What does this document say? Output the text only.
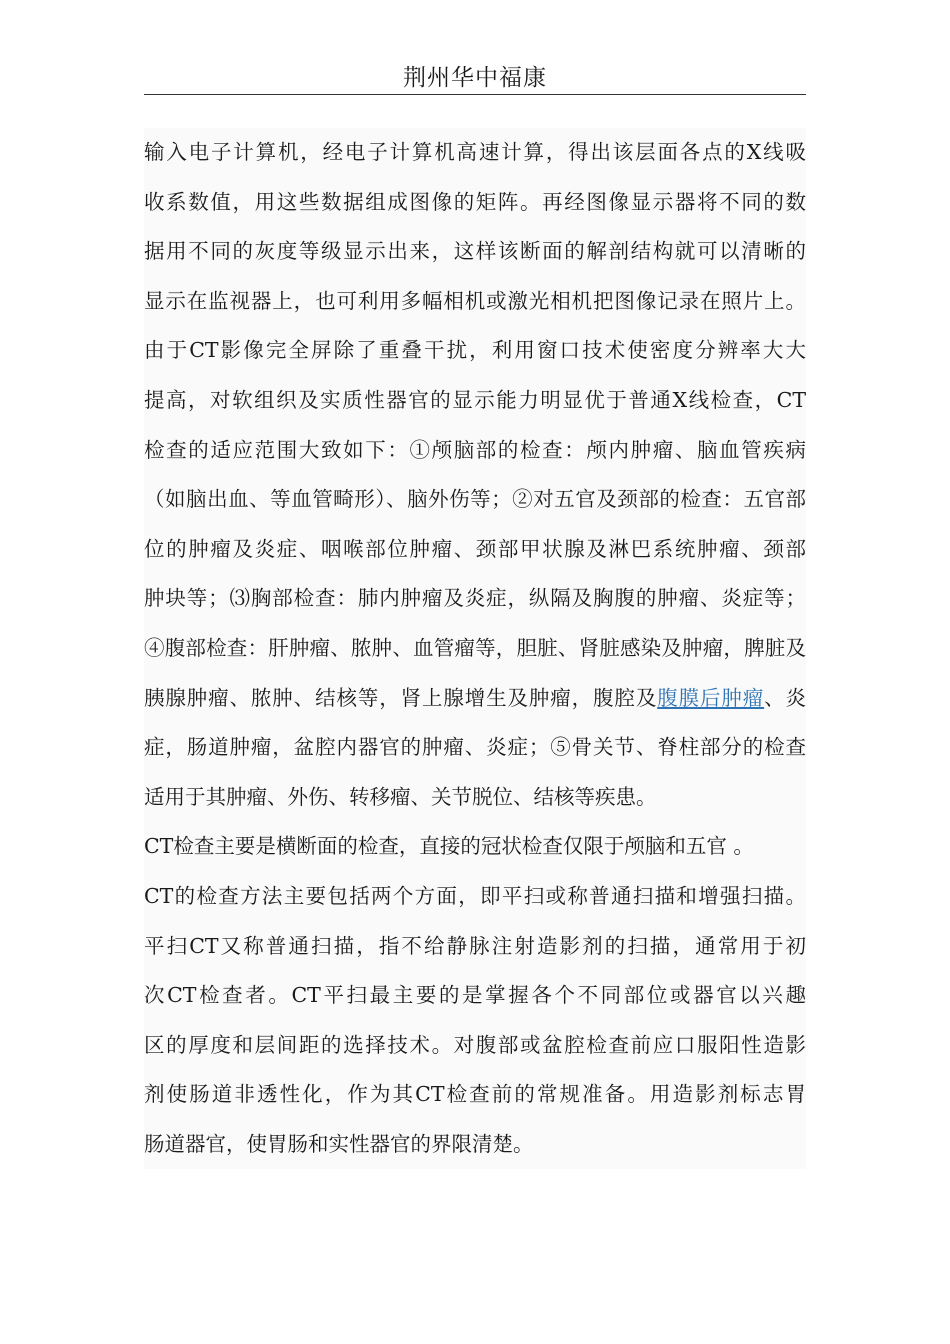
荆州华中福康
输入电子计算机，经电子计算机高速计算，得出该层面各点的X线吸
收系数值，用这些数据组成图像的矩阵。再经图像显示器将不同的数
据用不同的灰度等级显示出来，这样该断面的解剖结构就可以清晰的
显示在监视器上，也可利用多幅相机或激光相机把图像记录在照片上。
由于CT影像完全屏除了重叠干扰，利用窗口技术使密度分辨率大大
提高，对软组织及实质性器官的显示能力明显优于普通X线检查，CT
检查的适应范围大致如下：①颅脑部的检查：颅内肿瘤、脑血管疾病
（如脑出血、等血管畸形）、脑外伤等；②对五官及颈部的检查：五官部
位的肿瘤及炎症、咽喉部位肿瘤、颈部甲状腺及淋巴系统肿瘤、颈部
肿块等；⑶胸部检查：肺内肿瘤及炎症，纵隔及胸腹的肿瘤、炎症等；
④腹部检查：肝肿瘤、脓肿、血管瘤等，胆脏、肾脏感染及肿瘤，脾脏及
胰腺肿瘤、脓肿、结核等，肾上腺增生及肿瘤，腹腔及腹膜后肿瘤、炎
症，肠道肿瘤，盆腔内器官的肿瘤、炎症；⑤骨关节、脊柱部分的检查
适用于其肿瘤、外伤、转移瘤、关节脱位、结核等疾患。
CT检查主要是横断面的检查，直接的冠状检查仅限于颅脑和五官 。
CT的检查方法主要包括两个方面，即平扫或称普通扫描和增强扫描。
平扫CT又称普通扫描，指不给静脉注射造影剂的扫描，通常用于初
次CT检查者。CT平扫最主要的是掌握各个不同部位或器官以兴趣
区的厚度和层间距的选择技术。对腹部或盆腔检查前应口服阳性造影
剂使肠道非透性化，作为其CT检查前的常规准备。用造影剂标志胃
肠道器官，使胃肠和实性器官的界限清楚。
